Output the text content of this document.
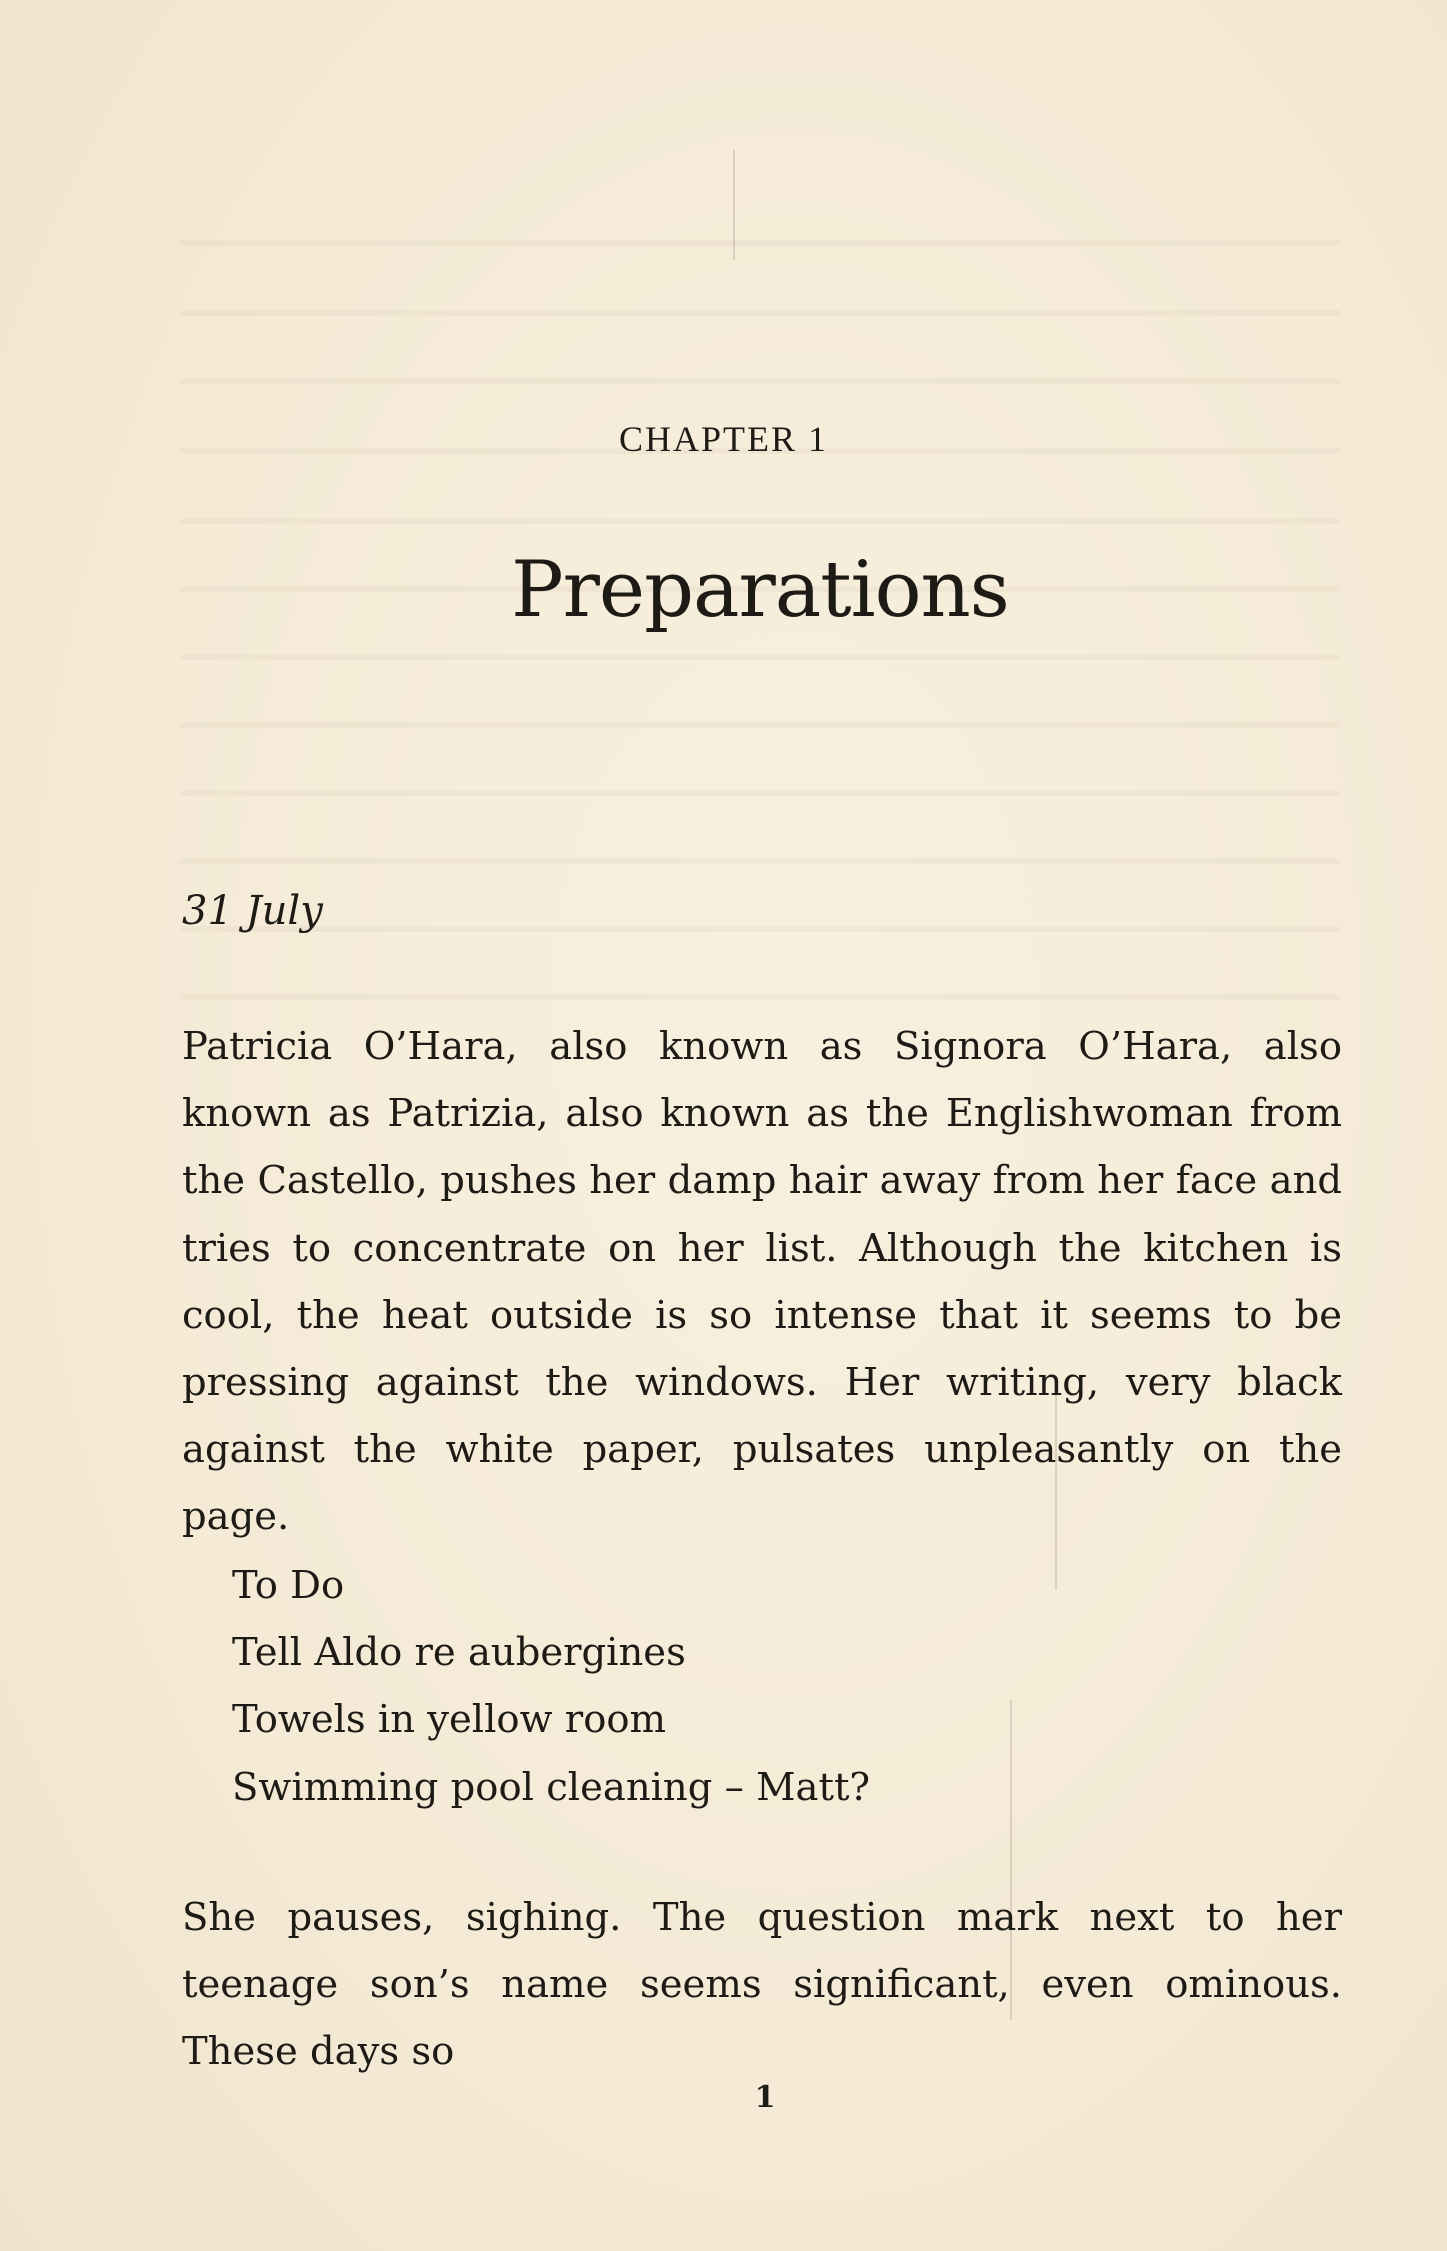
CHAPTER 1
Preparations
31 July
Patricia O’Hara, also known as Signora O’Hara, also known as Patrizia, also known as the Englishwoman from the Castello, pushes her damp hair away from her face and tries to concentrate on her list. Although the kitchen is cool, the heat outside is so intense that it seems to be pressing against the windows. Her writing, very black against the white paper, pulsates unpleasantly on the page.
To Do
Tell Aldo re aubergines
Towels in yellow room
Swimming pool cleaning – Matt?
She pauses, sighing. The question mark next to her teenage son’s name seems significant, even ominous. These days so
1
